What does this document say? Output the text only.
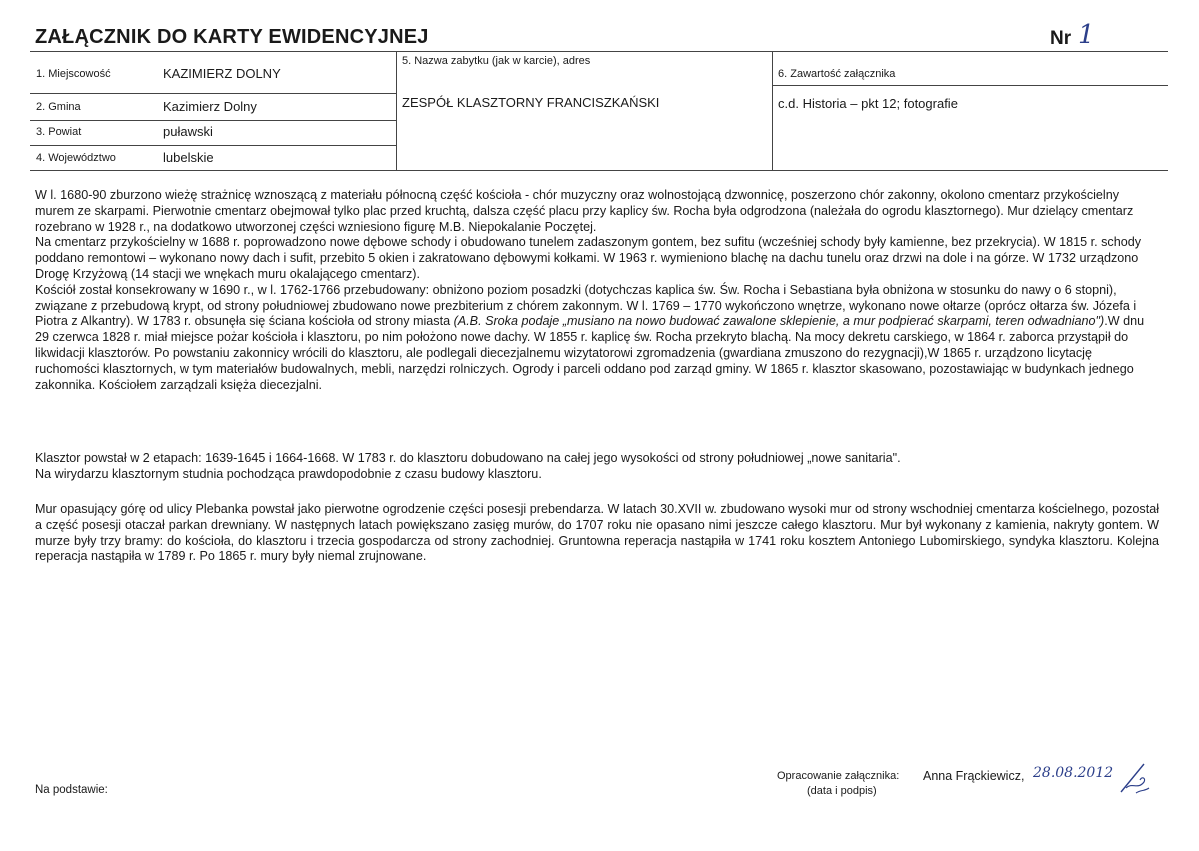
ZAŁĄCZNIK DO KARTY EWIDENCYJNEJ	Nr 1
1. Miejscowość	KAZIMIERZ DOLNY
2. Gmina	Kazimierz Dolny
3. Powiat	puławski
4. Województwo	lubelskie
5. Nazwa zabytku (jak w karcie), adres
ZESPÓŁ KLASZTORNY FRANCISZKAŃSKI
6. Zawartość załącznika
c.d. Historia – pkt 12; fotografie

W l. 1680-90 zburzono wieżę strażnicę wznoszącą z materiału północną część kościoła - chór muzyczny oraz wolnostojącą dzwonnicę, poszerzono chór zakonny, okolono cmentarz przykościelny murem ze skarpami. Pierwotnie cmentarz obejmował tylko plac przed kruchtą, dalsza część placu przy kaplicy św. Rocha była odgrodzona (należała do ogrodu klasztornego). Mur dzielący cmentarz rozebrano w 1928 r., na dodatkowo utworzonej części wzniesiono figurę M.B. Niepokalanie Poczętej.

Na cmentarz przykościelny w 1688 r. poprowadzono nowe dębowe schody i obudowano tunelem zadaszonym gontem, bez sufitu (wcześniej schody były kamienne, bez przekrycia). W 1815 r. schody poddano remontowi – wykonano nowy dach i sufit, przebito 5 okien i zakratowano dębowymi kołkami. W 1963 r. wymieniono blachę na dachu tunelu oraz drzwi na dole i na górze. W 1732 urządzono Drogę Krzyżową (14 stacji we wnękach muru okalającego cmentarz).

Kościół został konsekrowany w 1690 r., w l. 1762-1766 przebudowany: obniżono poziom posadzki (dotychczas kaplica św. Św. Rocha i Sebastiana była obniżona w stosunku do nawy o 6 stopni), związane z przebudową krypt, od strony południowej zbudowano nowe prezbiterium z chórem zakonnym. W l. 1769 – 1770 wykończono wnętrze, wykonano nowe ołtarze (oprócz ołtarza św. Józefa i Piotra z Alkantry). W 1783 r. obsunęła się ściana kościoła od strony miasta (A.B. Sroka podaje „musiano na nowo budować zawalone sklepienie, a mur podpierać skarpami, teren odwadniano").W dnu 29 czerwca 1828 r. miał miejsce pożar kościoła i klasztoru, po nim położono nowe dachy. W 1855 r. kaplicę św. Rocha przekryto blachą. Na mocy dekretu carskiego, w 1864 r. zaborca przystąpił do likwidacji klasztorów. Po powstaniu zakonnicy wrócili do klasztoru, ale podlegali diecezjalnemu wizytatorowi zgromadzenia (gwardiana zmuszono do rezygnacji),W 1865 r. urządzono licytację ruchomości klasztornych, w tym materiałów budowalnych, mebli, narzędzi rolniczych. Ogrody i parceli oddano pod zarząd gminy. W 1865 r. klasztor skasowano, pozostawiając w budynkach jednego zakonnika. Kościołem zarządzali księża diecezjalni.

Klasztor powstał w 2 etapach: 1639-1645 i 1664-1668. W 1783 r. do klasztoru dobudowano na całej jego wysokości od strony południowej „nowe sanitaria".

Na wirydarzu klasztornym studnia pochodząca prawdopodobnie z czasu budowy klasztoru.

Mur opasujący górę od ulicy Plebanka powstał jako pierwotne ogrodzenie części posesji prebendarza. W latach 30.XVII w. zbudowano wysoki mur od strony wschodniej cmentarza kościelnego, pozostał a część posesji otaczał parkan drewniany. W następnych latach powiększano zasięg murów, do 1707 roku nie opasano nimi jeszcze całego klasztoru. Mur był wykonany z kamienia, nakryty gontem. W murze były trzy bramy: do kościoła, do klasztoru i trzecia gospodarcza od strony zachodniej. Gruntowna reperacja nastąpiła w 1741 roku kosztem Antoniego Lubomirskiego, syndyka klasztoru. Kolejna reperacja nastąpiła w 1789 r. Po 1865 r. mury były niemal zrujnowane.

Na podstawie:
Opracowanie załącznika:
(data i podpis)
Anna Frąckiewicz, 28.08.2012
